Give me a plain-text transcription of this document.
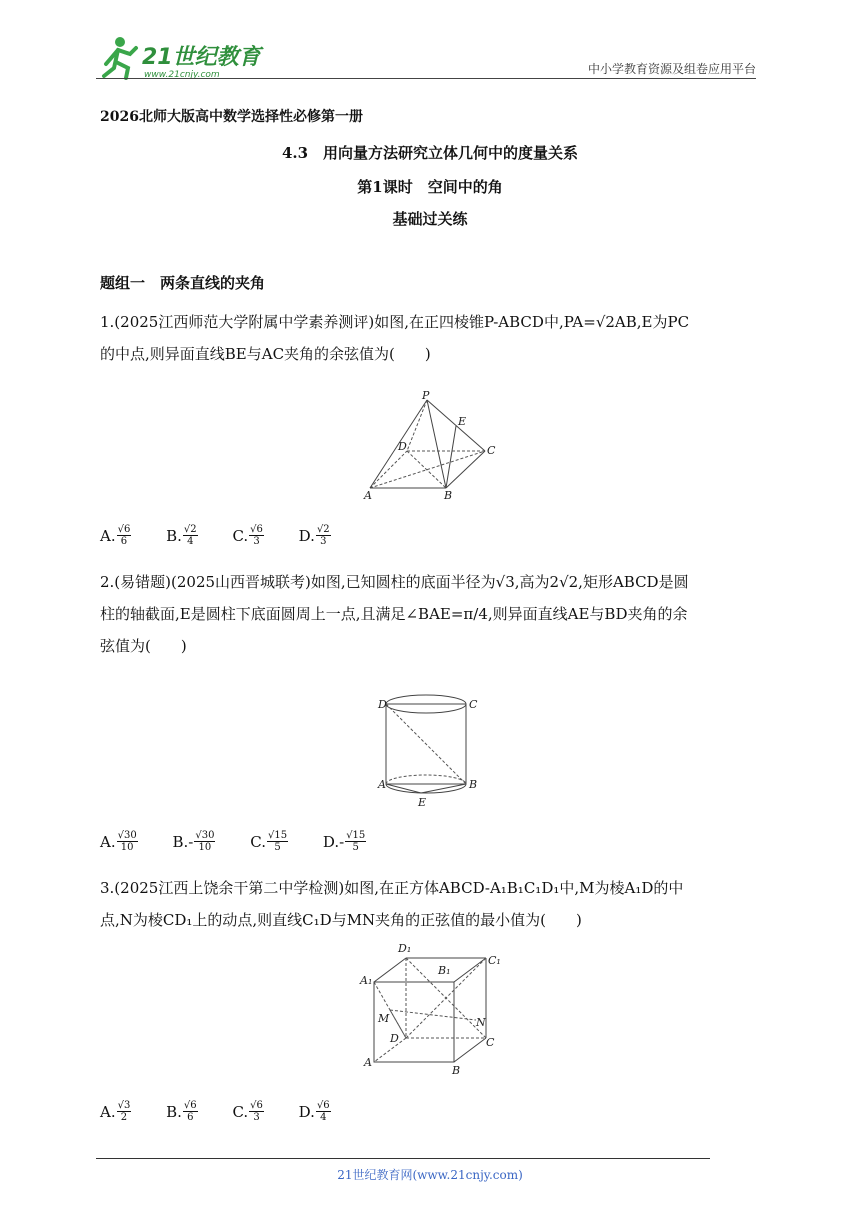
21世纪教育
www.21cnjy.com	中小学教育资源及组卷应用平台
2026北师大版高中数学选择性必修第一册
4.3　用向量方法研究立体几何中的度量关系
第1课时　空间中的角
基础过关练
题组一　两条直线的夹角
1.(2025江西师范大学附属中学素养测评)如图,在正四棱锥P-ABCD中,PA=√2AB,E为PC
的中点,则异面直线BE与AC夹角的余弦值为(　　)
P
E
D	C
A	B
A. $\frac{√6}{6}$
B. $\frac{√2}{4}$
C. $\frac{√6}{3}$
D. $\frac{√2}{3}$
2.(易错题)(2025山西晋城联考)如图,已知圆柱的底面半径为√3,高为2√2,矩形ABCD是圆
柱的轴截面,E是圆柱下底面圆周上一点,且满足∠BAE=π/4,则异面直线AE与BD夹角的余
弦值为(　　)
D	C
A	B
E
A. $\frac{√30}{10}$
$B.- \frac{√30}{10}$
C. $\frac{√15}{5}$
$D.- \frac{√15}{5}$
3.(2025江西上饶余干第二中学检测)如图,在正方体ABCD-A₁B₁C₁D₁中,M为棱A₁D的中
点,N为棱CD₁上的动点,则直线C₁D与MN夹角的正弦值的最小值为(　　)
D₁
B₁
C₁
A₁
M	N
D	C
A
B
A. $\frac{√3}{2}$
B. $\frac{√6}{6}$
C. $\frac{√6}{3}$
D. $\frac{√6}{4}$
21世纪教育网(www.21cnjy.com)
